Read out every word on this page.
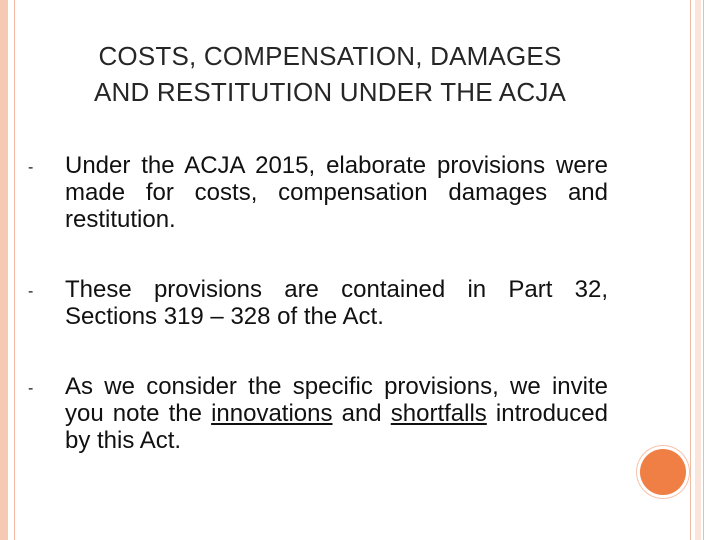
COSTS, COMPENSATION, DAMAGES
AND RESTITUTION UNDER THE ACJA
- Under the ACJA 2015, elaborate provisions were made for costs, compensation damages and restitution.
- These provisions are contained in Part 32, Sections 319 – 328 of the Act.
- As we consider the specific provisions, we invite you note the innovations and shortfalls introduced by this Act.
